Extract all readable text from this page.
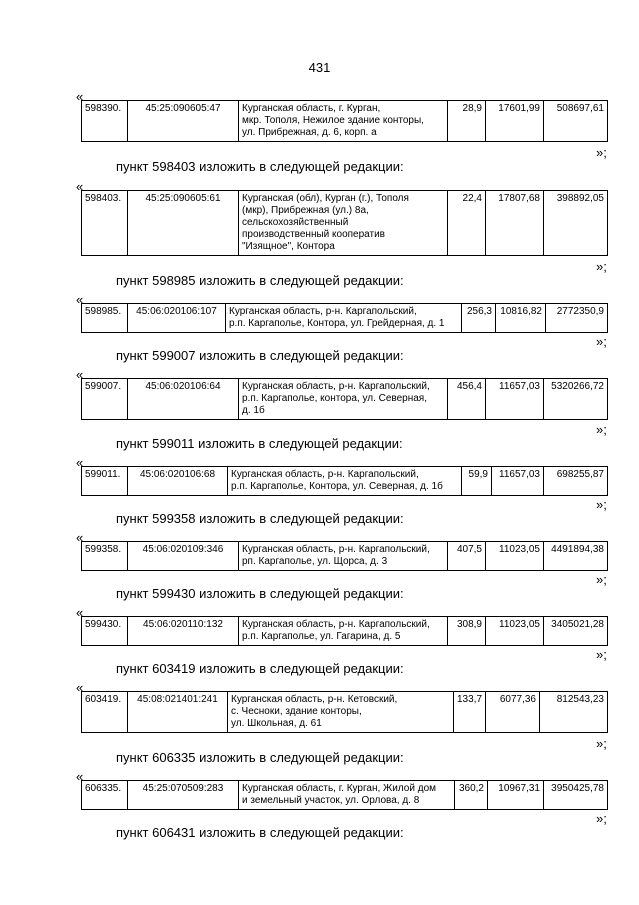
431
«
598390.	45:25:090605:47	Курганская область, г. Курган,
мкр. Тополя, Нежилое здание конторы,
ул. Прибрежная, д. 6, корп. а
	28,9	17601,99	508697,61
»;
пункт 598403 изложить в следующей редакции:
«
598403.	45:25:090605:61	Курганская (обл), Курган (г.), Тополя
(мкр), Прибрежная (ул.) 8а,
сельскохозяйственный
производственный кооператив
"Изящное", Контора
	22,4	17807,68	398892,05
»;
пункт 598985 изложить в следующей редакции:
«
598985.	45:06:020106:107	Курганская область, р-н. Каргапольский,
р.п. Каргаполье, Контора, ул. Грейдерная, д. 1
	256,3	10816,82	2772350,9
»;
пункт 599007 изложить в следующей редакции:
«
599007.	45:06:020106:64	Курганская область, р-н. Каргапольский,
р.п. Каргаполье, контора, ул. Северная,
д. 1б
	456,4	11657,03	5320266,72
»;
пункт 599011 изложить в следующей редакции:
«
599011.	45:06:020106:68	Курганская область, р-н. Каргапольский,
р.п. Каргаполье, Контора, ул. Северная, д. 1б
	59,9	11657,03	698255,87
»;
пункт 599358 изложить в следующей редакции:
«
599358.	45:06:020109:346	Курганская область, р-н. Каргапольский,
рп. Каргаполье, ул. Щорса, д. 3
	407,5	11023,05	4491894,38
»;
пункт 599430 изложить в следующей редакции:
«
599430.	45:06:020110:132	Курганская область, р-н. Каргапольский,
р.п. Каргаполье, ул. Гагарина, д. 5
	308,9	11023,05	3405021,28
»;
пункт 603419 изложить в следующей редакции:
«
603419.	45:08:021401:241	Курганская область, р-н. Кетовский,
с. Чесноки, здание конторы,
ул. Школьная, д. 61
	133,7	6077,36	812543,23
»;
пункт 606335 изложить в следующей редакции:
«
606335.	45:25:070509:283	Курганская область, г. Курган, Жилой дом
и земельный участок, ул. Орлова, д. 8
	360,2	10967,31	3950425,78
»;
пункт 606431 изложить в следующей редакции:
